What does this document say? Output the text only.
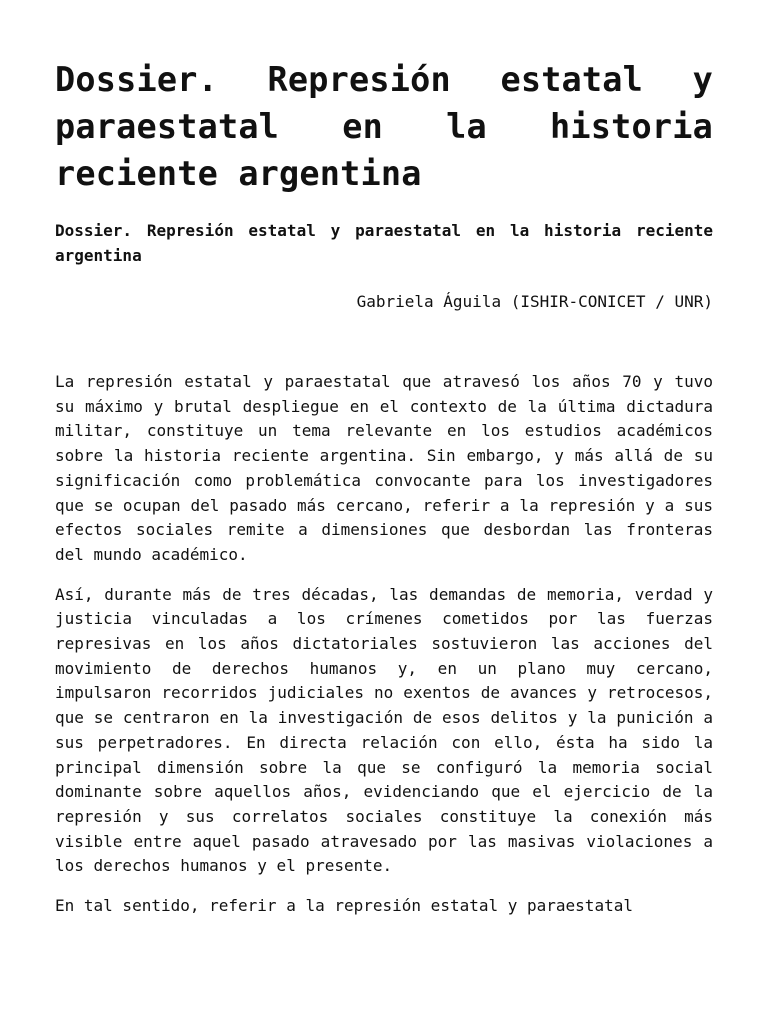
Dossier. Represión estatal y paraestatal en la historia reciente argentina
Dossier. Represión estatal y paraestatal en la historia reciente argentina
Gabriela Águila (ISHIR-CONICET / UNR)

La represión estatal y paraestatal que atravesó los años 70 y tuvo su máximo y brutal despliegue en el contexto de la última dictadura militar, constituye un tema relevante en los estudios académicos sobre la historia reciente argentina. Sin embargo, y más allá de su significación como problemática convocante para los investigadores que se ocupan del pasado más cercano, referir a la represión y a sus efectos sociales remite a dimensiones que desbordan las fronteras del mundo académico.

Así, durante más de tres décadas, las demandas de memoria, verdad y justicia vinculadas a los crímenes cometidos por las fuerzas represivas en los años dictatoriales sostuvieron las acciones del movimiento de derechos humanos y, en un plano muy cercano, impulsaron recorridos judiciales no exentos de avances y retrocesos, que se centraron en la investigación de esos delitos y la punición a sus perpetradores. En directa relación con ello, ésta ha sido la principal dimensión sobre la que se configuró la memoria social dominante sobre aquellos años, evidenciando que el ejercicio de la represión y sus correlatos sociales constituye la conexión más visible entre aquel pasado atravesado por las masivas violaciones a los derechos humanos y el presente.

En tal sentido, referir a la represión estatal y paraestatal
